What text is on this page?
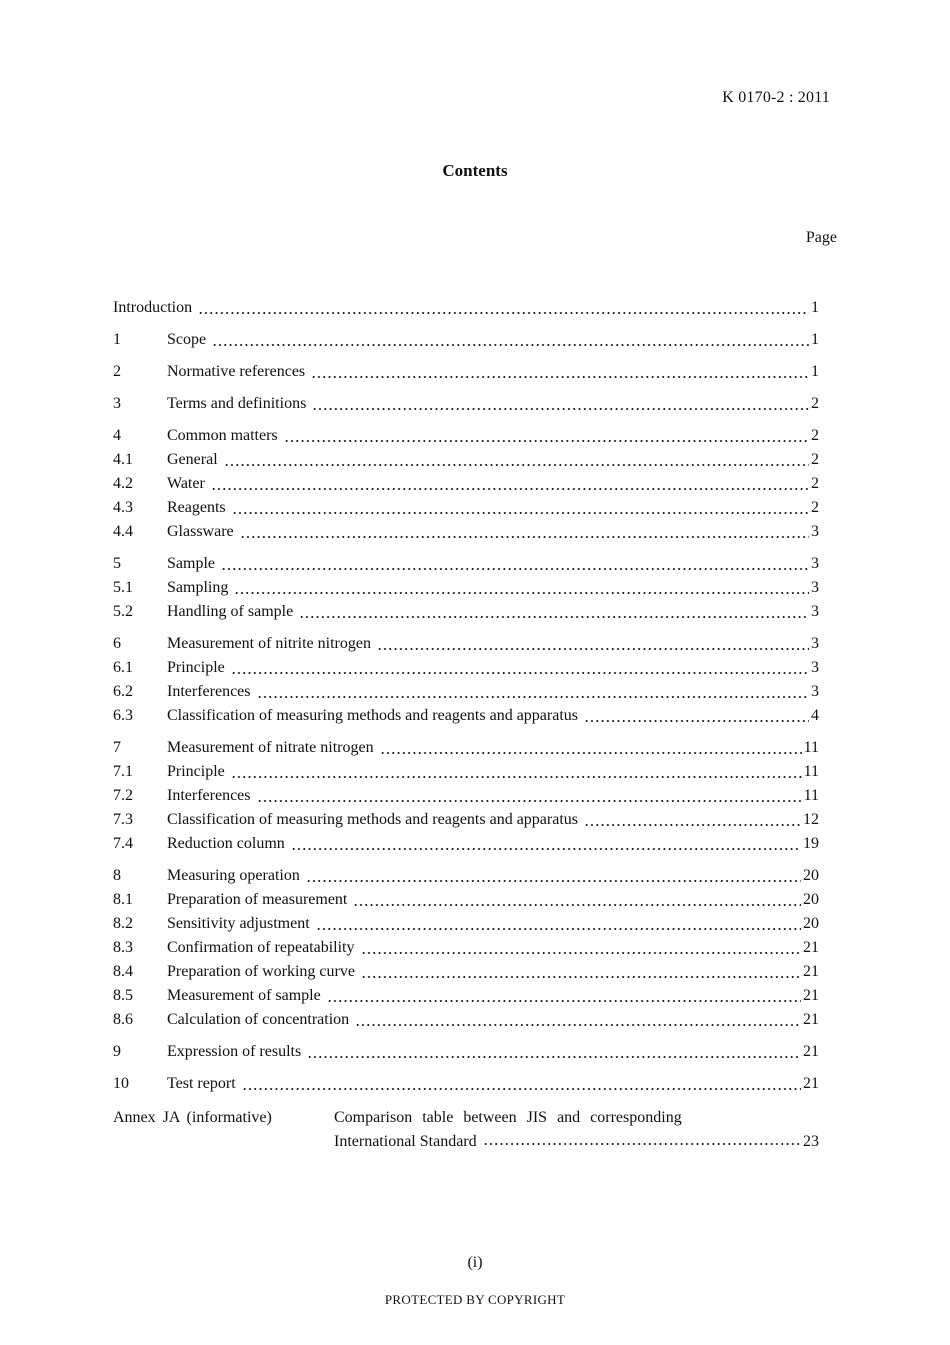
K 0170-2 : 2011
Contents
Page
Introduction	1
1	Scope	1
2	Normative references	1
3	Terms and definitions	2
4	Common matters	2
4.1	General	2
4.2	Water	2
4.3	Reagents	2
4.4	Glassware	3
5	Sample	3
5.1	Sampling	3
5.2	Handling of sample	3
6	Measurement of nitrite nitrogen	3
6.1	Principle	3
6.2	Interferences	3
6.3	Classification of measuring methods and reagents and apparatus	4
7	Measurement of nitrate nitrogen	11
7.1	Principle	11
7.2	Interferences	11
7.3	Classification of measuring methods and reagents and apparatus	12
7.4	Reduction column	19
8	Measuring operation	20
8.1	Preparation of measurement	20
8.2	Sensitivity adjustment	20
8.3	Confirmation of repeatability	21
8.4	Preparation of working curve	21
8.5	Measurement of sample	21
8.6	Calculation of concentration	21
9	Expression of results	21
10	Test report	21
Annex JA (informative)	Comparison table between JIS and corresponding
International Standard	23
(i)
PROTECTED BY COPYRIGHT
